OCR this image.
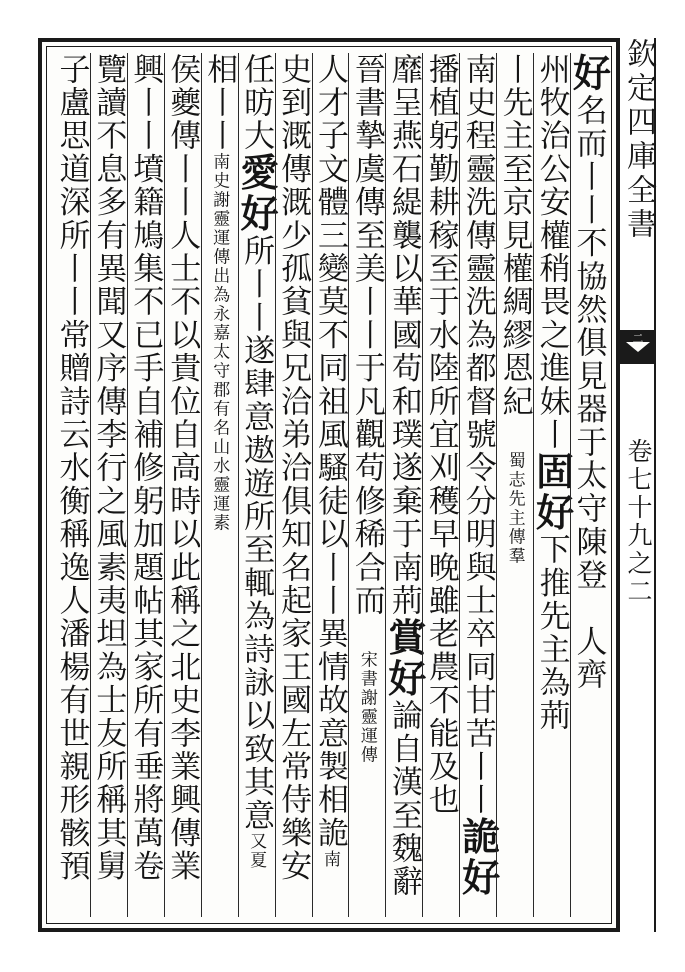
好名而丨丨不協然俱見器于太守陳登　人齊
州牧治公安權稍畏之進妹丨固好下推先主為荊
丨先主至京見權綢繆恩紀　蜀志先主傳羣
南史程靈洗傳靈洗為都督號令分明與士卒同甘苦丨丨詭好
播植躬勤耕稼至于水陸所宜刈穫早晚雖老農不能及也
靡呈燕石緹襲以華國苟和璞遂棄于南荊賞好論自漢至魏辭
晉書摯虞傳至美丨丨于凡觀苟修稀合而　宋書謝靈運傳
人才子文體三變莫不同祖風騷徒以丨丨異情故意製相詭南
史到溉傳溉少孤貧與兄洽弟洽俱知名起家王國左常侍樂安
任昉大愛好所丨丨遂肆意遨遊所至輒為詩詠以致其意又夏
相丨丨南史謝靈運傳出為永嘉太守郡有名山水靈運素
侯夔傳丨丨人士不以貴位自高時以此稱之北史李業興傳業
興丨丨墳籍鳩集不已手自補修躬加題帖其家所有垂將萬卷
覽讀不息多有異聞又序傳李行之風素夷坦為士友所稱其舅
子盧思道深所丨丨常贈詩云水衡稱逸人潘楊有世親形骸預	欽定四庫全書
二
卷七十九之二
